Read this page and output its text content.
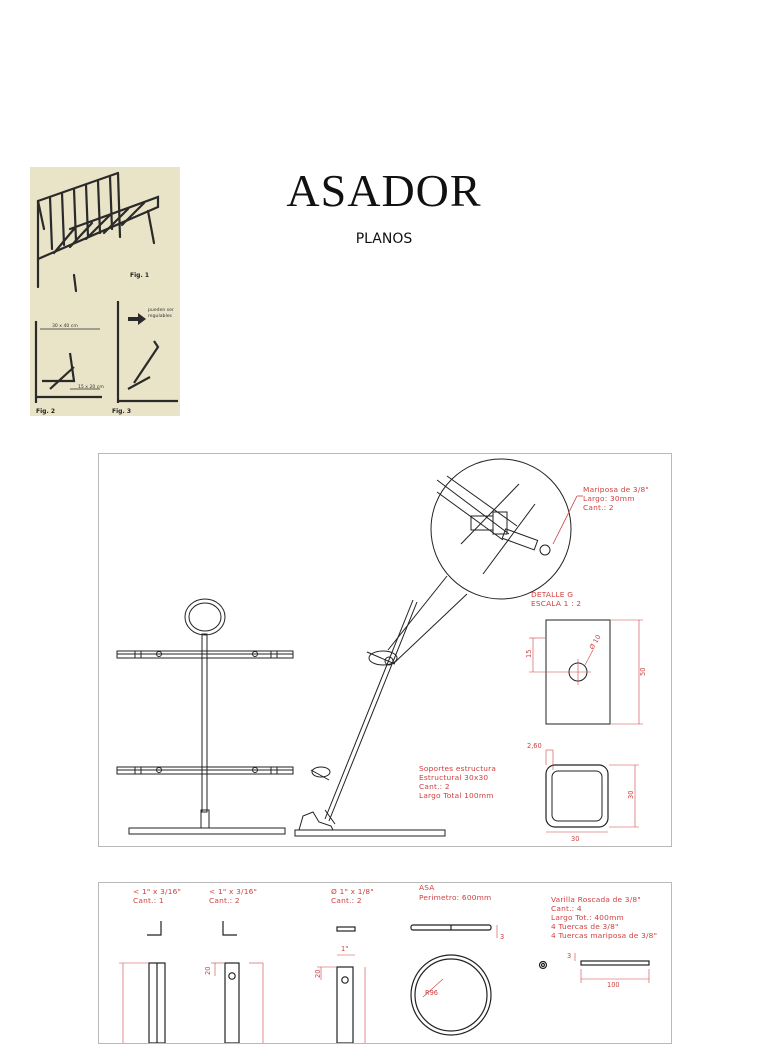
Fig. 1
30 x 40 cm
15 x 20 cm
Fig. 2
pueden ser
regulables
Fig. 3
ASADOR
PLANOS
Mariposa de 3/8"
Largo: 30mm
Cant.: 2
DETALLE G
ESCALA 1 : 2
Ø 10
15
50
2,60
30
30
Soportes estructura
Estructural 30x30
Cant.: 2
Largo Total 100mm
< 1" x 3/16"
Cant.: 1
< 1" x 3/16"
Cant.: 2
20
Ø 1" x 1/8"
Cant.: 2
1"
20
ASA
Perimetro: 600mm
3
R96
Varilla Roscada de 3/8"
Cant.: 4
Largo Tot.: 400mm
4 Tuercas de 3/8"
4 Tuercas mariposa de 3/8"
3
100
